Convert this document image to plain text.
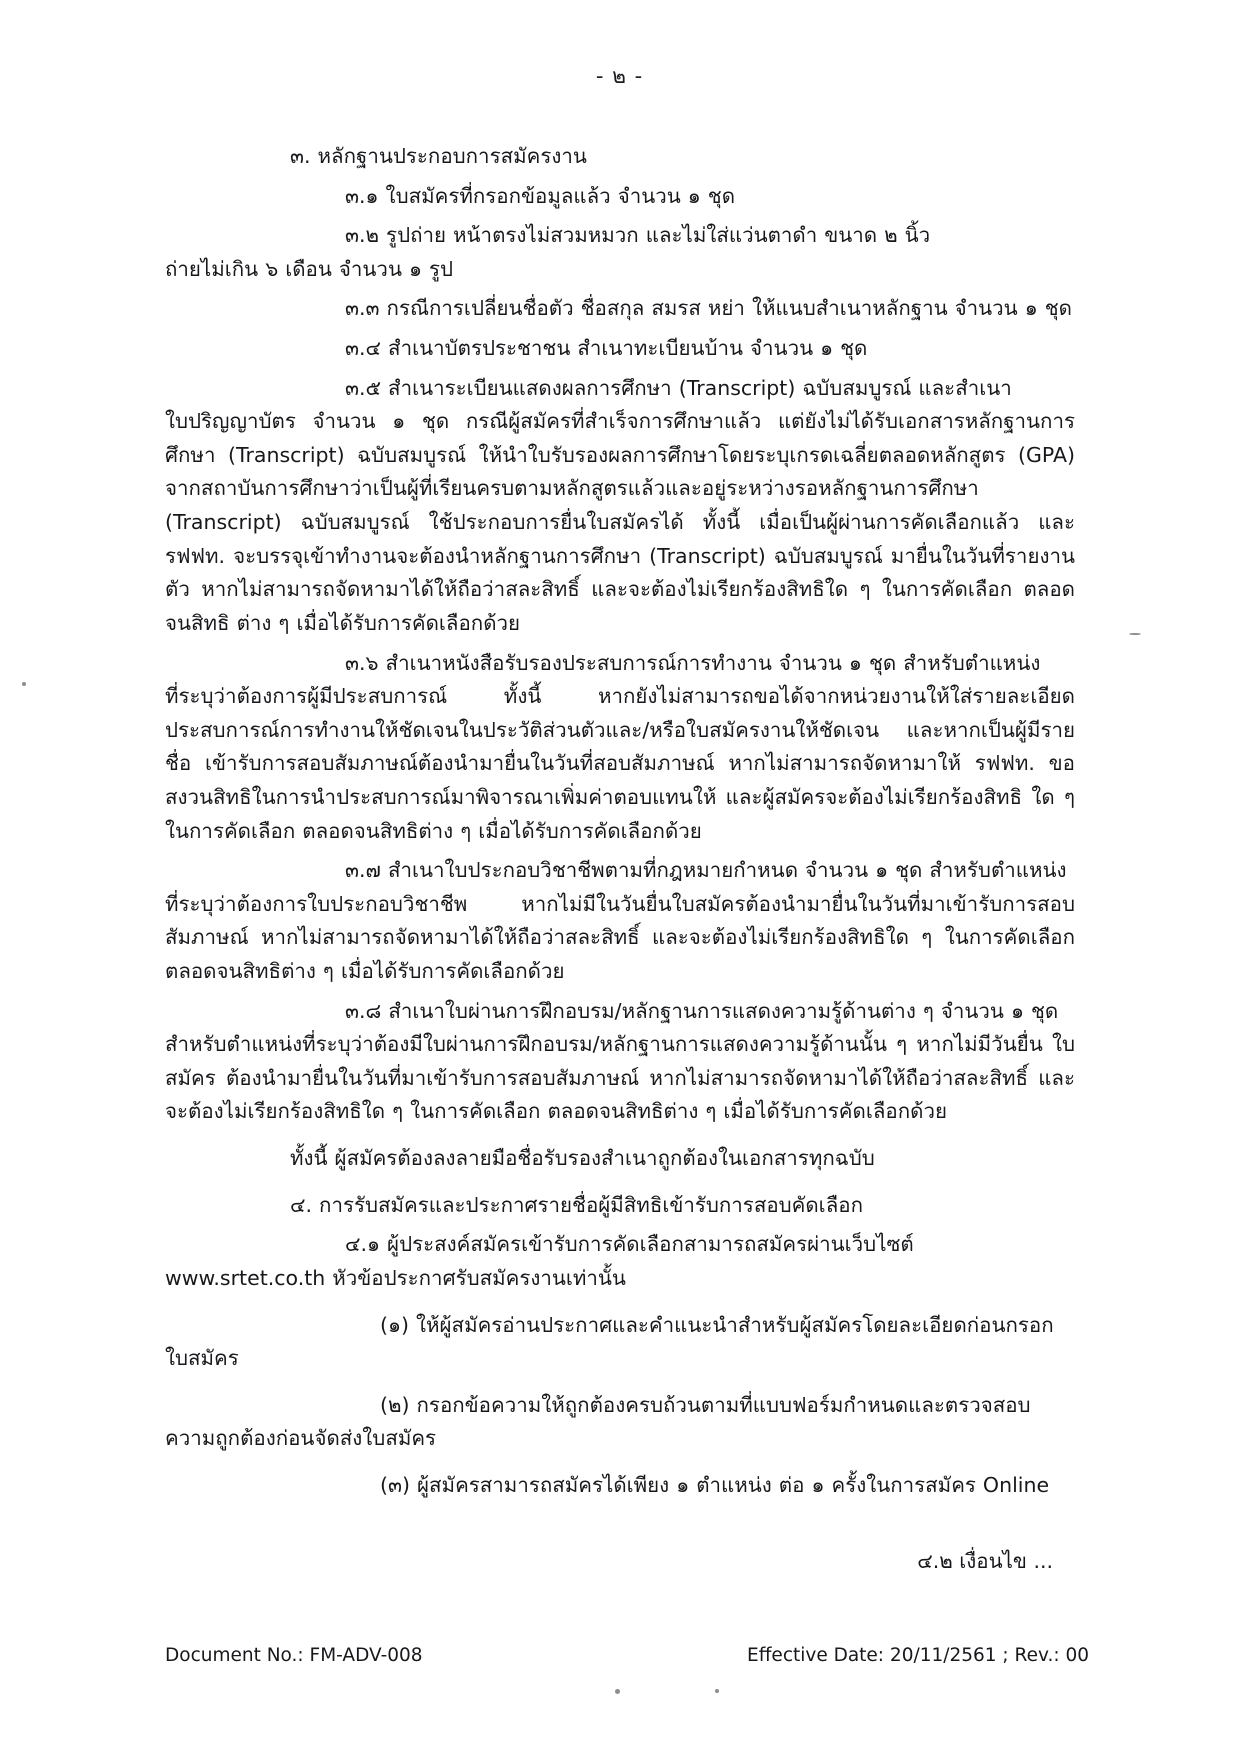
- ๒ -

๓. หลักฐานประกอบการสมัครงาน

๓.๑ ใบสมัครที่กรอกข้อมูลแล้ว จำนวน ๑ ชุด

๓.๒ รูปถ่าย หน้าตรงไม่สวมหมวก และไม่ใส่แว่นตาดำ ขนาด ๒ นิ้ว

ถ่ายไม่เกิน ๖ เดือน จำนวน ๑ รูป

๓.๓ กรณีการเปลี่ยนชื่อตัว ชื่อสกุล สมรส หย่า ให้แนบสำเนาหลักฐาน จำนวน ๑ ชุด

๓.๔ สำเนาบัตรประชาชน สำเนาทะเบียนบ้าน จำนวน ๑ ชุด

๓.๕ สำเนาระเบียนแสดงผลการศึกษา (Transcript) ฉบับสมบูรณ์ และสำเนา

ใบปริญญาบัตร จำนวน ๑ ชุด กรณีผู้สมัครที่สำเร็จการศึกษาแล้ว แต่ยังไม่ได้รับเอกสารหลักฐานการศึกษา (Transcript) ฉบับสมบูรณ์ ให้นำใบรับรองผลการศึกษาโดยระบุเกรดเฉลี่ยตลอดหลักสูตร (GPA) จากสถาบันการศึกษาว่าเป็นผู้ที่เรียนครบตามหลักสูตรแล้วและอยู่ระหว่างรอหลักฐานการศึกษา (Transcript) ฉบับสมบูรณ์ ใช้ประกอบการยื่นใบสมัครได้ ทั้งนี้ เมื่อเป็นผู้ผ่านการคัดเลือกแล้ว และ รฟฟท. จะบรรจุเข้าทำงานจะต้องนำหลักฐานการศึกษา (Transcript) ฉบับสมบูรณ์ มายื่นในวันที่รายงานตัว หากไม่สามารถจัดหามาได้ให้ถือว่าสละสิทธิ์ และจะต้องไม่เรียกร้องสิทธิใด ๆ ในการคัดเลือก ตลอดจนสิทธิ ต่าง ๆ เมื่อได้รับการคัดเลือกด้วย

๓.๖ สำเนาหนังสือรับรองประสบการณ์การทำงาน จำนวน ๑ ชุด สำหรับตำแหน่ง

ที่ระบุว่าต้องการผู้มีประสบการณ์ ทั้งนี้ หากยังไม่สามารถขอได้จากหน่วยงานให้ใส่รายละเอียด ประสบการณ์การทำงานให้ชัดเจนในประวัติส่วนตัวและ/หรือใบสมัครงานให้ชัดเจน และหากเป็นผู้มีรายชื่อ เข้ารับการสอบสัมภาษณ์ต้องนำมายื่นในวันที่สอบสัมภาษณ์ หากไม่สามารถจัดหามาให้ รฟฟท. ขอสงวนสิทธิในการนำประสบการณ์มาพิจารณาเพิ่มค่าตอบแทนให้ และผู้สมัครจะต้องไม่เรียกร้องสิทธิ ใด ๆ ในการคัดเลือก ตลอดจนสิทธิต่าง ๆ เมื่อได้รับการคัดเลือกด้วย

๓.๗ สำเนาใบประกอบวิชาชีพตามที่กฎหมายกำหนด จำนวน ๑ ชุด สำหรับตำแหน่ง

ที่ระบุว่าต้องการใบประกอบวิชาชีพ หากไม่มีในวันยื่นใบสมัครต้องนำมายื่นในวันที่มาเข้ารับการสอบ สัมภาษณ์ หากไม่สามารถจัดหามาได้ให้ถือว่าสละสิทธิ์ และจะต้องไม่เรียกร้องสิทธิใด ๆ ในการคัดเลือก ตลอดจนสิทธิต่าง ๆ เมื่อได้รับการคัดเลือกด้วย

๓.๘ สำเนาใบผ่านการฝึกอบรม/หลักฐานการแสดงความรู้ด้านต่าง ๆ จำนวน ๑ ชุด

สำหรับตำแหน่งที่ระบุว่าต้องมีใบผ่านการฝึกอบรม/หลักฐานการแสดงความรู้ด้านนั้น ๆ หากไม่มีวันยื่น ใบสมัคร ต้องนำมายื่นในวันที่มาเข้ารับการสอบสัมภาษณ์ หากไม่สามารถจัดหามาได้ให้ถือว่าสละสิทธิ์ และจะต้องไม่เรียกร้องสิทธิใด ๆ ในการคัดเลือก ตลอดจนสิทธิต่าง ๆ เมื่อได้รับการคัดเลือกด้วย

ทั้งนี้ ผู้สมัครต้องลงลายมือชื่อรับรองสำเนาถูกต้องในเอกสารทุกฉบับ

๔. การรับสมัครและประกาศรายชื่อผู้มีสิทธิเข้ารับการสอบคัดเลือก

๔.๑ ผู้ประสงค์สมัครเข้ารับการคัดเลือกสามารถสมัครผ่านเว็บไซต์

www.srtet.co.th หัวข้อประกาศรับสมัครงานเท่านั้น

(๑) ให้ผู้สมัครอ่านประกาศและคำแนะนำสำหรับผู้สมัครโดยละเอียดก่อนกรอก

ใบสมัคร

(๒) กรอกข้อความให้ถูกต้องครบถ้วนตามที่แบบฟอร์มกำหนดและตรวจสอบ

ความถูกต้องก่อนจัดส่งใบสมัคร

(๓) ผู้สมัครสามารถสมัครได้เพียง ๑ ตำแหน่ง ต่อ ๑ ครั้งในการสมัคร Online

๔.๒ เงื่อนไข ...
Document No.: FM-ADV-008	Effective Date: 20/11/2561 ; Rev.: 00
